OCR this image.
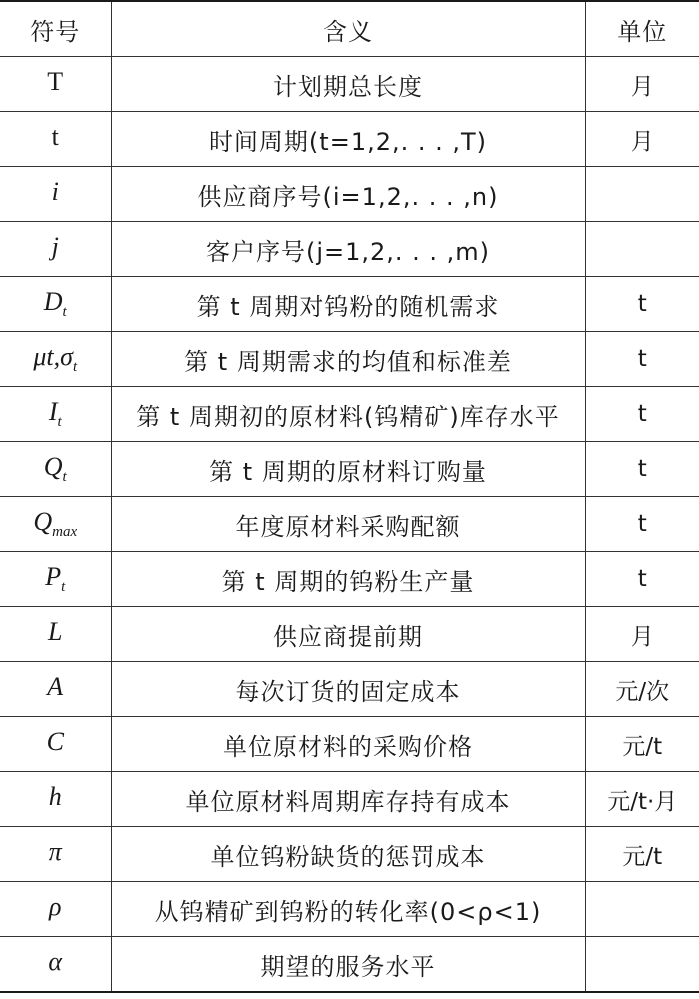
符号	含义	单位
T	计划期总长度	月
t	时间周期(t=1,2,. . . ,T)	月
i	供应商序号(i=1,2,. . . ,n)	
j	客户序号(j=1,2,. . . ,m)	
$D_t$	第 t 周期对钨粉的随机需求	t
$\mu t,\sigma_t$	第 t 周期需求的均值和标准差	t
$I_t$	第 t 周期初的原材料(钨精矿)库存水平	t
$Q_t$	第 t 周期的原材料订购量	t
$Q_{max}$	年度原材料采购配额	t
$P_t$	第 t 周期的钨粉生产量	t
L	供应商提前期	月
A	每次订货的固定成本	元/次
C	单位原材料的采购价格	元/t
h	单位原材料周期库存持有成本	元/t·月
π	单位钨粉缺货的惩罚成本	元/t
ρ	从钨精矿到钨粉的转化率(0<ρ<1)	
α	期望的服务水平	
